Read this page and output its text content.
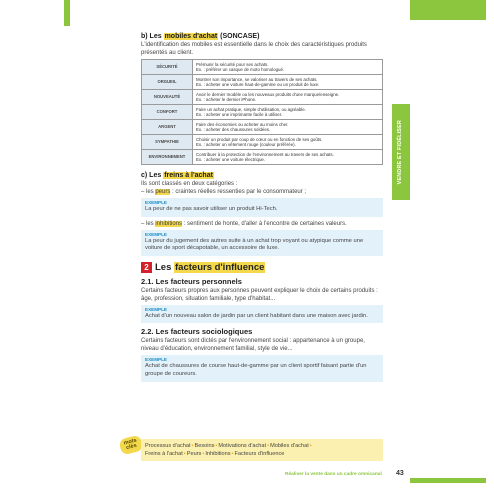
VENDRE ET FIDÉLISER

b) Les mobiles d'achat (SONCASE)

L'identification des mobiles est essentielle dans le choix des caractéristiques produits présentés au client.

SÉCURITÉ	Prémunir la sécurité pour ses achats.
Ex. : préférer un casque de moto homologué.

ORGUEIL	Montrer son importance, se valoriser au travers de ses achats.
Ex. : acheter une voiture haut-de-gamme ou un produit de luxe.

NOUVEAUTÉ	Avoir le dernier modèle ou les nouveaux produits d'une marque/enseigne.
Ex. : acheter le dernier iPhone.

CONFORT	Faire un achat pratique, simple d'utilisation, ou agréable.
Ex. : acheter une imprimante facile à utiliser.

ARGENT	Faire des économies ou acheter au moins cher.
Ex. : acheter des chaussures soldées.

SYMPATHIE	Choisir un produit par coup de cœur ou en fonction de ses goûts.
Ex. : acheter un vêtement rouge (couleur préférée).

ENVIRONNEMENT	Contribuer à la protection de l'environnement au travers de ses achats.
Ex. : acheter une voiture électrique.

c) Les freins à l'achat

Ils sont classés en deux catégories :

– les peurs : craintes réelles ressenties par le consommateur ;

EXEMPLE
La peur de ne pas savoir utiliser un produit Hi-Tech.

– les inhibitions : sentiment de honte, d'aller à l'encontre de certaines valeurs.

EXEMPLE
La peur du jugement des autres suite à un achat trop voyant ou atypique comme une voiture de sport décapotable, un accessoire de luxe.
2 Les facteurs d'influence

2.1. Les facteurs personnels

Certains facteurs propres aux personnes peuvent expliquer le choix de certains produits : âge, profession, situation familiale, type d'habitat...

EXEMPLE
Achat d'un nouveau salon de jardin par un client habitant dans une maison avec jardin.

2.2. Les facteurs sociologiques

Certains facteurs sont dictés par l'environnement social : appartenance à un groupe, niveau d'éducation, environnement familial, style de vie...

EXEMPLE
Achat de chaussures de course haut-de-gamme par un client sportif faisant partie d'un groupe de coureurs.
mots clés	Processus d'achat•Besoins•Motivations d'achat•Mobiles d'achat•
Freins à l'achat•Peurs•Inhibitions•Facteurs d'influence
Réaliser la vente dans un cadre omnicanal 43
